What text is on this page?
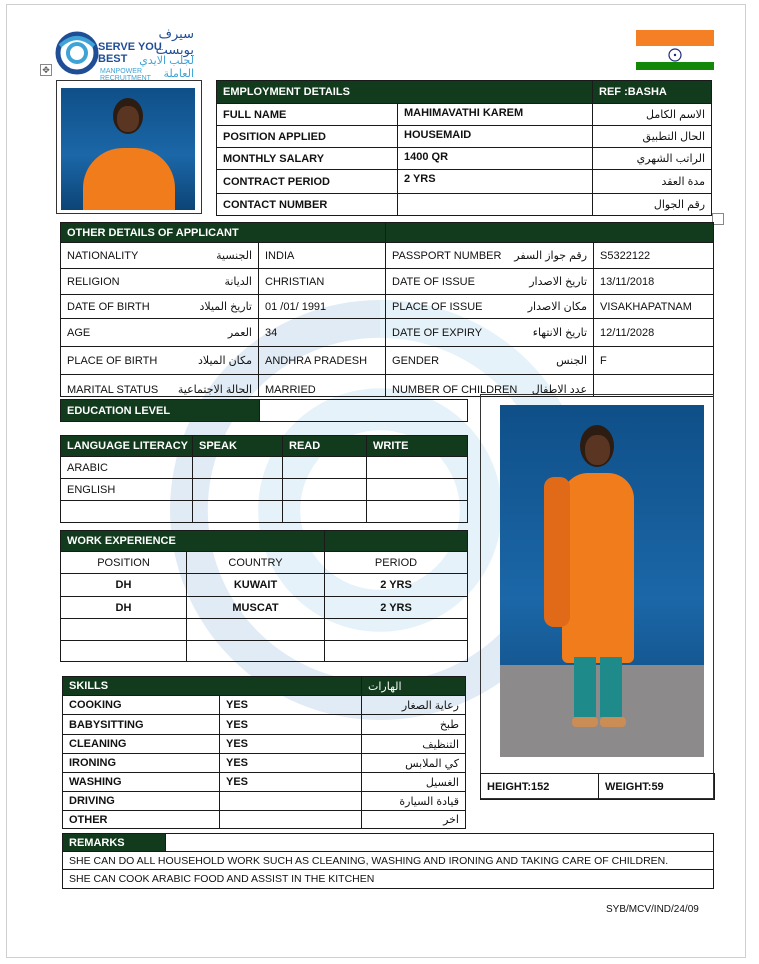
سيرف يوبست
SERVE YOU BEST	لجلب الايدي العاملة
MANPOWER RECRUITMENT
✥
EMPLOYMENT DETAILS		REF :BASHA
FULL NAME	MAHIMAVATHI KAREM	الاسم الكامل
POSITION APPLIED	HOUSEMAID	الحال التطبيق
MONTHLY SALARY	1400 QR	الراتب الشهري
CONTRACT PERIOD	2 YRS	مدة العقد
CONTACT NUMBER		رقم الجوال
OTHER DETAILS OF APPLICANT			

NATIONALITY الجنسية	INDIA	PASSPORT NUMBER رقم جواز السفر	S5322122

RELIGION الديانة	CHRISTIAN	DATE OF ISSUE تاريخ الاصدار	13/11/2018

DATE OF BIRTH تاريخ الميلاد	01 /01/ 1991	PLACE OF ISSUE مكان الاصدار	VISAKHAPATNAM

AGE العمر	34	DATE OF EXPIRY تاريخ الانتهاء	12/11/2028

PLACE OF BIRTH مكان الميلاد	ANDHRA PRADESH	GENDER الجنس	F

MARITAL STATUS الحالة الاجتماعية	MARRIED	NUMBER OF CHILDREN عدد الاطفال	

EDUCATION LEVEL	
LANGUAGE LITERACY	SPEAK	READ	WRITE
ARABIC			
ENGLISH			

WORK EXPERIENCE		
POSITION	COUNTRY	PERIOD
DH	KUWAIT	2 YRS
DH	MUSCAT	2 YRS

SKILLS		الهارات
COOKING	YES	رعاية الصغار
BABYSITTING	YES	طبخ
CLEANING	YES	التنظيف
IRONING	YES	كي الملابس
WASHING	YES	الغسيل
DRIVING		قيادة السيارة
OTHER		اخر
HEIGHT:152	WEIGHT:59
REMARKS	
SHE CAN DO ALL HOUSEHOLD WORK SUCH AS CLEANING, WASHING AND IRONING AND TAKING CARE OF CHILDREN.
SHE CAN COOK ARABIC FOOD AND ASSIST IN THE KITCHEN
SYB/MCV/IND/24/09
